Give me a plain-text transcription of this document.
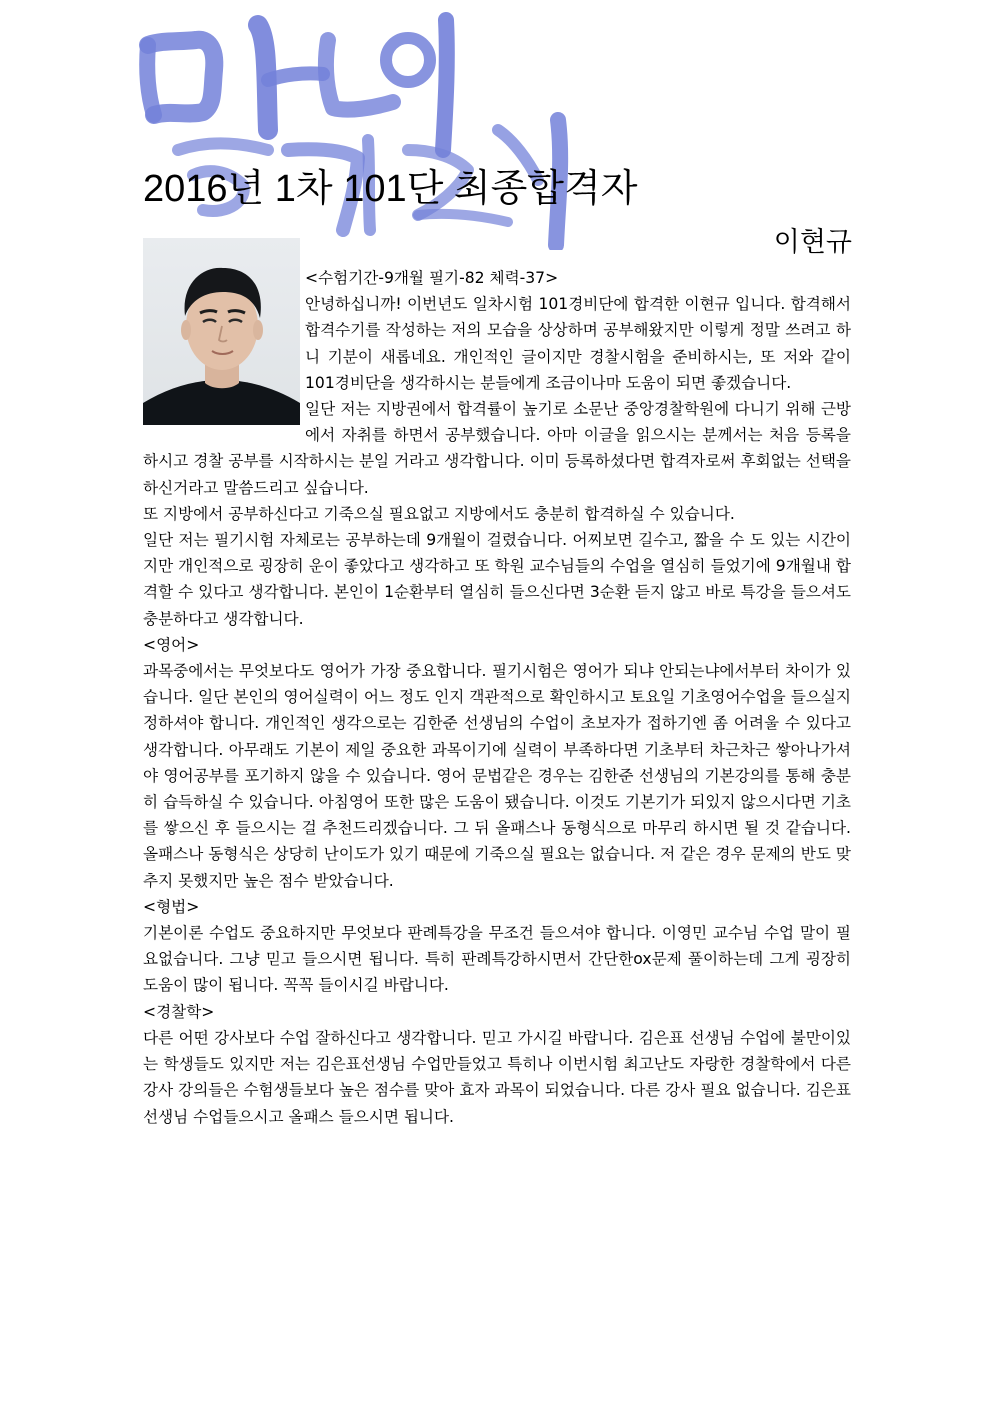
2016년 1차 101단 최종합격자
이현규

<수험기간-9개월 필기-82 체력-37>

안녕하십니까! 이번년도 일차시험 101경비단에 합격한 이현규 입니다. 합격해서 합격수기를 작성하는 저의 모습을 상상하며 공부해왔지만 이렇게 정말 쓰려고 하니 기분이 새롭네요. 개인적인 글이지만 경찰시험을 준비하시는, 또 저와 같이 101경비단을 생각하시는 분들에게 조금이나마 도움이 되면 좋겠습니다.

일단 저는 지방권에서 합격률이 높기로 소문난 중앙경찰학원에 다니기 위해 근방에서 자취를 하면서 공부했습니다. 아마 이글을 읽으시는 분께서는 처음 등록을 하시고 경찰 공부를 시작하시는 분일 거라고 생각합니다. 이미 등록하셨다면 합격자로써 후회없는 선택을 하신거라고 말씀드리고 싶습니다.

또 지방에서 공부하신다고 기죽으실 필요없고 지방에서도 충분히 합격하실 수 있습니다.

일단 저는 필기시험 자체로는 공부하는데 9개월이 걸렸습니다. 어찌보면 길수고, 짧을 수 도 있는 시간이지만 개인적으로 굉장히 운이 좋았다고 생각하고 또 학원 교수님들의 수업을 열심히 들었기에 9개월내 합격할 수 있다고 생각합니다. 본인이 1순환부터 열심히 들으신다면 3순환 듣지 않고 바로 특강을 들으셔도 충분하다고 생각합니다.

<영어>

과목중에서는 무엇보다도 영어가 가장 중요합니다. 필기시험은 영어가 되냐 안되는냐에서부터 차이가 있습니다. 일단 본인의 영어실력이 어느 정도 인지 객관적으로 확인하시고 토요일 기초영어수업을 들으실지 정하셔야 합니다. 개인적인 생각으로는 김한준 선생님의 수업이 초보자가 접하기엔 좀 어려울 수 있다고 생각합니다. 아무래도 기본이 제일 중요한 과목이기에 실력이 부족하다면 기초부터 차근차근 쌓아나가셔야 영어공부를 포기하지 않을 수 있습니다. 영어 문법같은 경우는 김한준 선생님의 기본강의를 통해 충분히 습득하실 수 있습니다. 아침영어 또한 많은 도움이 됐습니다. 이것도 기본기가 되있지 않으시다면 기초를 쌓으신 후 들으시는 걸 추천드리겠습니다. 그 뒤 올패스나 동형식으로 마무리 하시면 될 것 같습니다. 올패스나 동형식은 상당히 난이도가 있기 때문에 기죽으실 필요는 없습니다. 저 같은 경우 문제의 반도 맞추지 못했지만 높은 점수 받았습니다.

<형법>

기본이론 수업도 중요하지만 무엇보다 판례특강을 무조건 들으셔야 합니다. 이영민 교수님 수업 말이 필요없습니다. 그냥 믿고 들으시면 됩니다. 특히 판례특강하시면서 간단한ox문제 풀이하는데 그게 굉장히 도움이 많이 됩니다. 꼭꼭 들이시길 바랍니다.

<경찰학>

다른 어떤 강사보다 수업 잘하신다고 생각합니다. 믿고 가시길 바랍니다. 김은표 선생님 수업에 불만이있는 학생들도 있지만 저는 김은표선생님 수업만들었고 특히나 이번시험 최고난도 자랑한 경찰학에서 다른강사 강의들은 수험생들보다 높은 점수를 맞아 효자 과목이 되었습니다. 다른 강사 필요 없습니다. 김은표 선생님 수업들으시고 올패스 들으시면 됩니다.
